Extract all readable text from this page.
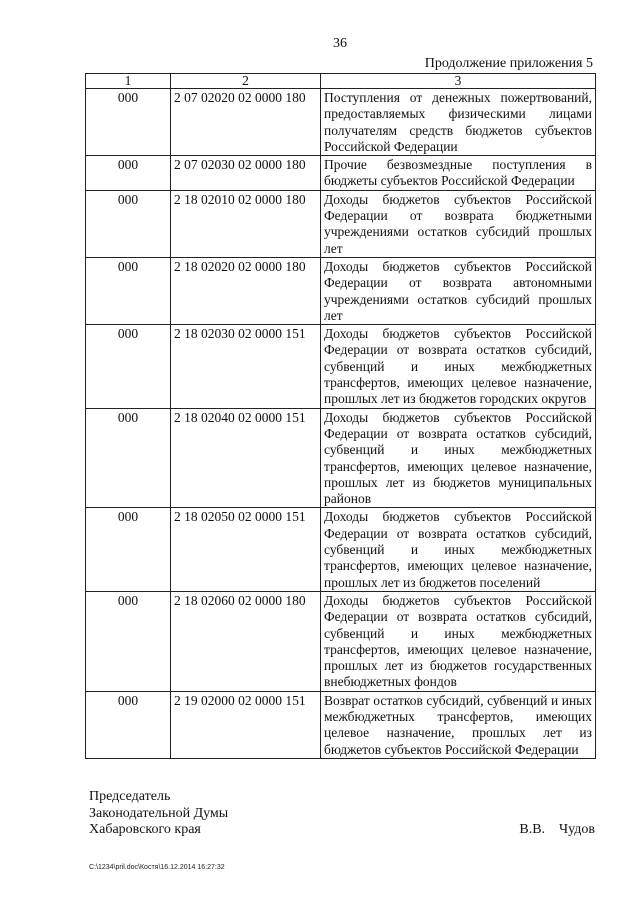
36
Продолжение приложения 5
1	2	3
000	2 07 02020 02 0000 180	Поступления от денежных пожертвований, предоставляемых физическими лицами получателям средств бюджетов субъектов Российской Федерации
000	2 07 02030 02 0000 180	Прочие безвозмездные поступления в бюджеты субъектов Российской Федерации
000	2 18 02010 02 0000 180	Доходы бюджетов субъектов Российской Федерации от возврата бюджетными учреждениями остатков субсидий прошлых лет
000	2 18 02020 02 0000 180	Доходы бюджетов субъектов Российской Федерации от возврата автономными учреждениями остатков субсидий прошлых лет
000	2 18 02030 02 0000 151	Доходы бюджетов субъектов Российской Федерации от возврата остатков субсидий, субвенций и иных межбюджетных трансфертов, имеющих целевое назначение, прошлых лет из бюджетов городских округов
000	2 18 02040 02 0000 151	Доходы бюджетов субъектов Российской Федерации от возврата остатков субсидий, субвенций и иных межбюджетных трансфертов, имеющих целевое назначение, прошлых лет из бюджетов муниципальных районов
000	2 18 02050 02 0000 151	Доходы бюджетов субъектов Российской Федерации от возврата остатков субсидий, субвенций и иных межбюджетных трансфертов, имеющих целевое назначение, прошлых лет из бюджетов поселений
000	2 18 02060 02 0000 180	Доходы бюджетов субъектов Российской Федерации от возврата остатков субсидий, субвенций и иных межбюджетных трансфертов, имеющих целевое назначение, прошлых лет из бюджетов государственных внебюджетных фондов
000	2 19 02000 02 0000 151	Возврат остатков субсидий, субвенций и иных межбюджетных трансфертов, имеющих целевое назначение, прошлых лет из бюджетов субъектов Российской Федерации
Председатель
Законодательной Думы
Хабаровского края	В.В. Чудов
C:\1234\pril.doc\Костя\16.12.2014 16:27:32
